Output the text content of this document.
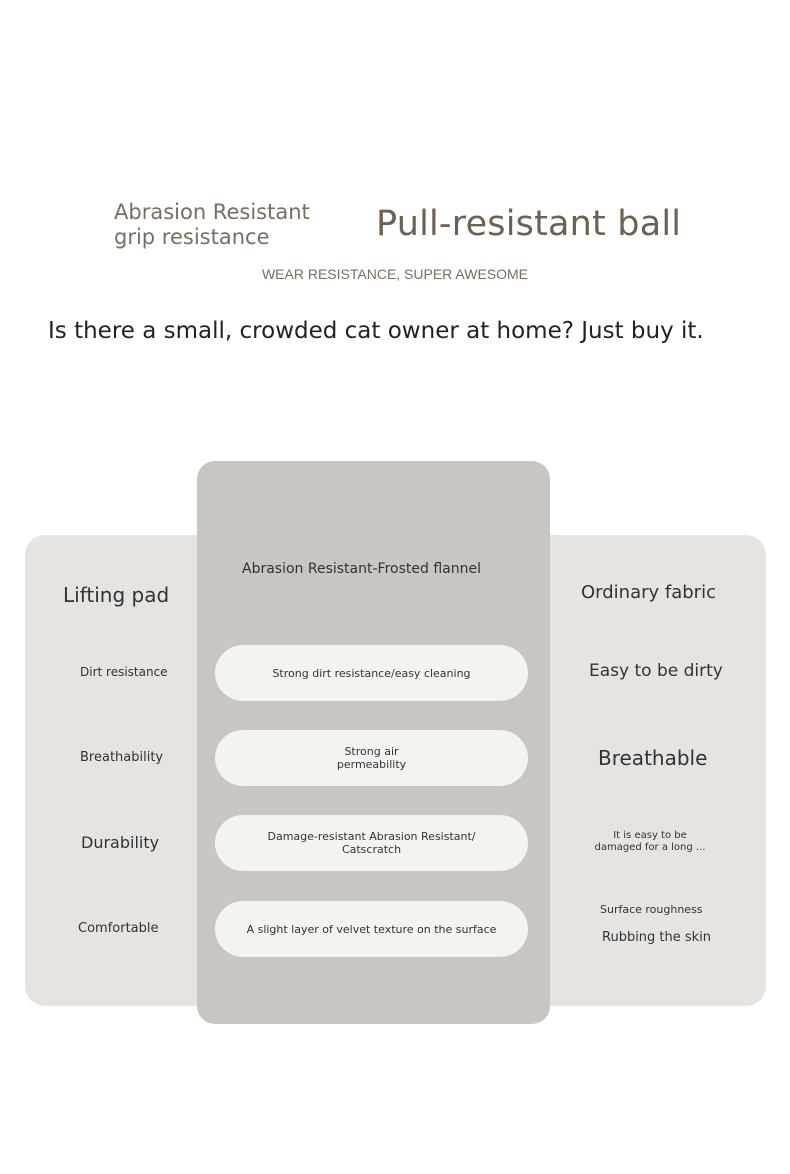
Abrasion Resistant
grip resistance	Pull-resistant ball
WEAR RESISTANCE, SUPER AWESOME
Is there a small, crowded cat owner at home? Just buy it.
Lifting pad
Dirt resistance
Breathability
Durability
Comfortable
Abrasion Resistant-Frosted flannel
Strong dirt resistance/easy cleaning
Strong air
permeability
Damage-resistant Abrasion Resistant/
Catscratch
A slight layer of velvet texture on the surface
Ordinary fabric
Easy to be dirty
Breathable
It is easy to be
damaged for a long ...
Surface roughness
Rubbing the skin
